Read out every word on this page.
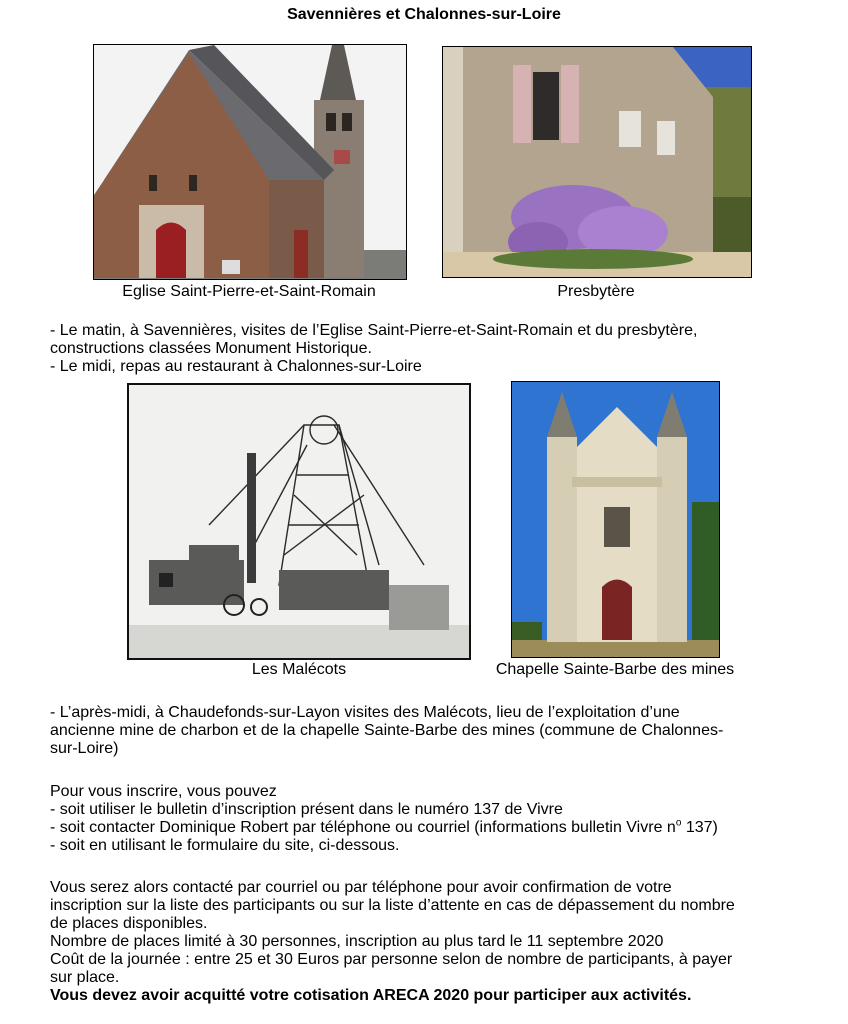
Savennières et Chalonnes-sur-Loire
Eglise Saint-Pierre-et-Saint-Romain	Presbytère
- Le matin, à Savennières, visites de l’Eglise Saint-Pierre-et-Saint-Romain et du presbytère,
constructions classées Monument Historique.
- Le midi, repas au restaurant à Chalonnes-sur-Loire
Les Malécots	Chapelle Sainte-Barbe des mines
- L’après-midi, à Chaudefonds-sur-Layon visites des Malécots, lieu de l’exploitation d’une
ancienne mine de charbon et de la chapelle Sainte-Barbe des mines (commune de Chalonnes-
sur-Loire)
Pour vous inscrire, vous pouvez
- soit utiliser le bulletin d’inscription présent dans le numéro 137 de Vivre
- soit contacter Dominique Robert par téléphone ou courriel (informations bulletin Vivre $n^o$ 137)
- soit en utilisant le formulaire du site, ci-dessous.
Vous serez alors contacté par courriel ou par téléphone pour avoir confirmation de votre
inscription sur la liste des participants ou sur la liste d’attente en cas de dépassement du nombre
de places disponibles.
Nombre de places limité à 30 personnes, inscription au plus tard le 11 septembre 2020
Coût de la journée : entre 25 et 30 Euros par personne selon de nombre de participants, à payer
sur place.
Vous devez avoir acquitté votre cotisation ARECA 2020 pour participer aux activités.
